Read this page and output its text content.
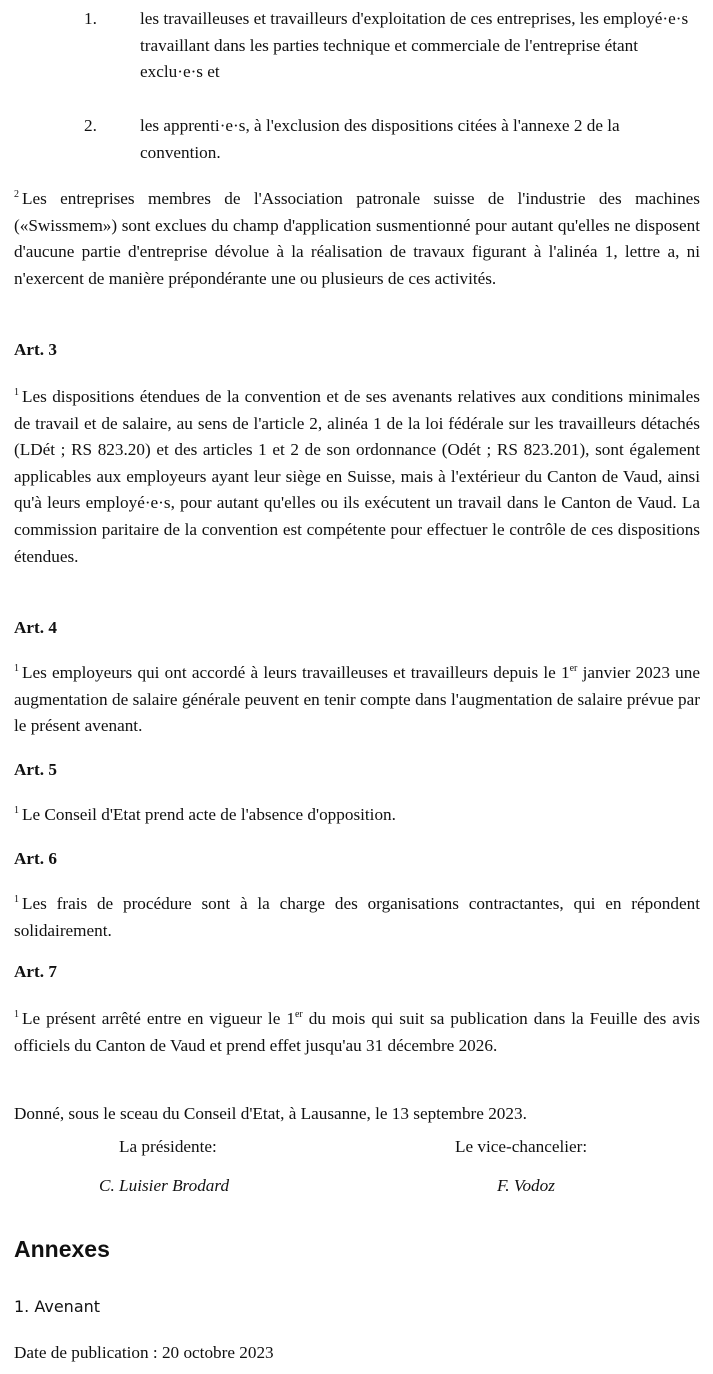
1.	les travailleuses et travailleurs d'exploitation de ces entreprises, les employé·e·s travaillant dans les parties technique et commerciale de l'entreprise étant exclu·e·s et
2.	les apprenti·e·s, à l'exclusion des dispositions citées à l'annexe 2 de la convention.
$^2$ Les entreprises membres de l'Association patronale suisse de l'industrie des machines («Swissmem») sont exclues du champ d'application susmentionné pour autant qu'elles ne disposent d'aucune partie d'entreprise dévolue à la réalisation de travaux figurant à l'alinéa 1, lettre a, ni n'exercent de manière prépondérante une ou plusieurs de ces activités.
Art. 3
$^1$ Les dispositions étendues de la convention et de ses avenants relatives aux conditions minimales de travail et de salaire, au sens de l'article 2, alinéa 1 de la loi fédérale sur les travailleurs détachés (LDét ; RS 823.20) et des articles 1 et 2 de son ordonnance (Odét ; RS 823.201), sont également applicables aux employeurs ayant leur siège en Suisse, mais à l'extérieur du Canton de Vaud, ainsi qu'à leurs employé·e·s, pour autant qu'elles ou ils exécutent un travail dans le Canton de Vaud. La commission paritaire de la convention est compétente pour effectuer le contrôle de ces dispositions étendues.
Art. 4
$^1$ Les employeurs qui ont accordé à leurs travailleuses et travailleurs depuis le 1er janvier 2023 une augmentation de salaire générale peuvent en tenir compte dans l'augmentation de salaire prévue par le présent avenant.
Art. 5
$^1$ Le Conseil d'Etat prend acte de l'absence d'opposition.
Art. 6
$^1$ Les frais de procédure sont à la charge des organisations contractantes, qui en répondent solidairement.
Art. 7
$^1$ Le présent arrêté entre en vigueur le 1er du mois qui suit sa publication dans la Feuille des avis officiels du Canton de Vaud et prend effet jusqu'au 31 décembre 2026.
Donné, sous le sceau du Conseil d'Etat, à Lausanne, le 13 septembre 2023.
La présidente:	Le vice-chancelier:
C. Luisier Brodard	F. Vodoz
Annexes
1. Avenant
Date de publication : 20 octobre 2023
